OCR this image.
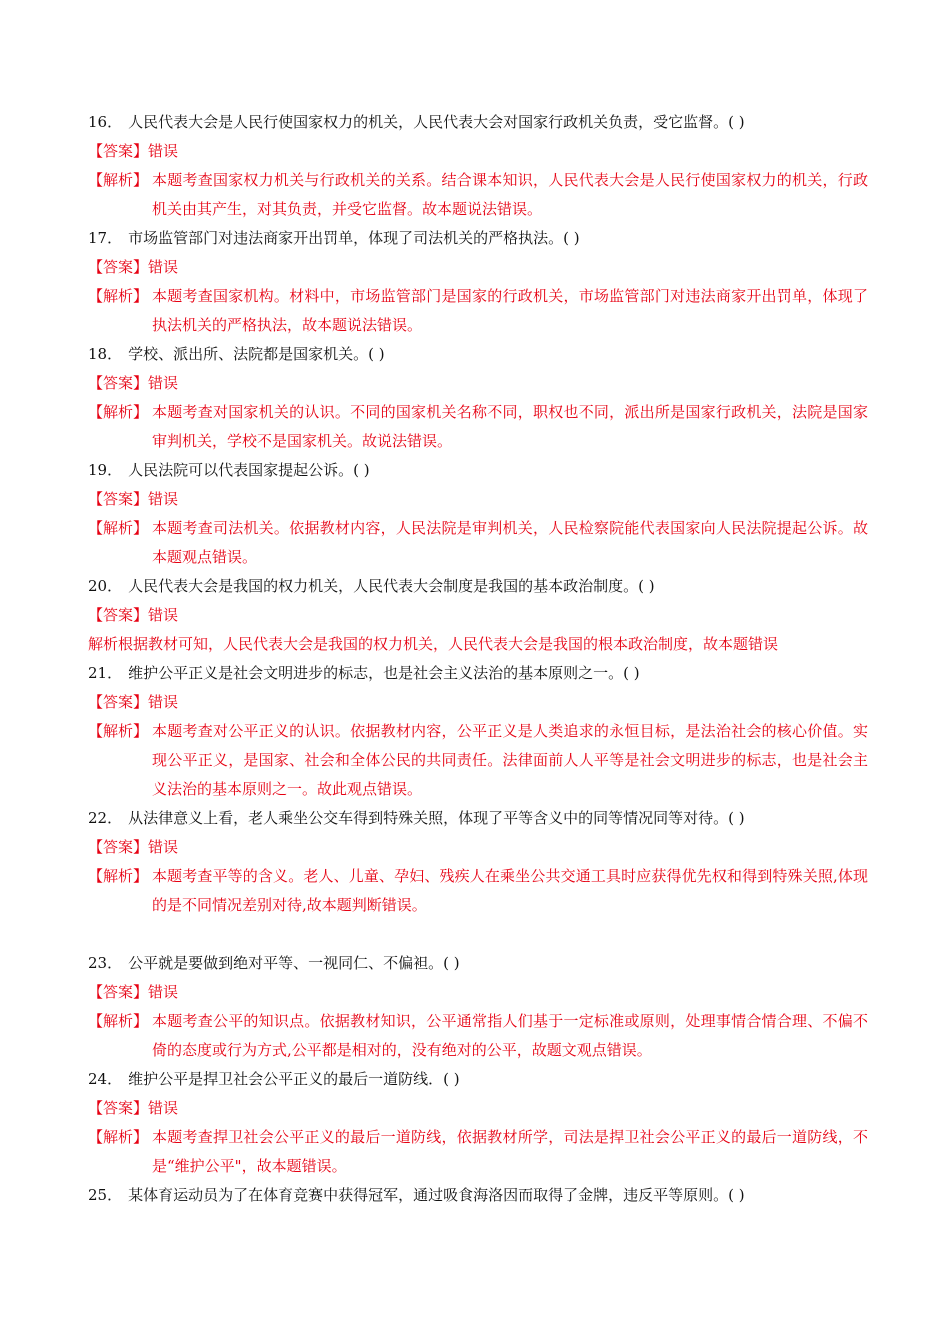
16． 人民代表大会是人民行使国家权力的机关，人民代表大会对国家行政机关负责，受它监督。( )
【答案】错误
【解析】 本题考查国家权力机关与行政机关的关系。结合课本知识，人民代表大会是人民行使国家权力的机关，行政机关由其产生，对其负责，并受它监督。故本题说法错误。
17． 市场监管部门对违法商家开出罚单，体现了司法机关的严格执法。( )
【答案】错误
【解析】 本题考查国家机构。材料中，市场监管部门是国家的行政机关，市场监管部门对违法商家开出罚单，体现了执法机关的严格执法，故本题说法错误。
18． 学校、派出所、法院都是国家机关。( )
【答案】错误
【解析】 本题考查对国家机关的认识。不同的国家机关名称不同，职权也不同，派出所是国家行政机关，法院是国家审判机关，学校不是国家机关。故说法错误。
19． 人民法院可以代表国家提起公诉。( )
【答案】错误
【解析】 本题考查司法机关。依据教材内容，人民法院是审判机关，人民检察院能代表国家向人民法院提起公诉。故本题观点错误。
20． 人民代表大会是我国的权力机关，人民代表大会制度是我国的基本政治制度。( )
【答案】错误
解析根据教材可知，人民代表大会是我国的权力机关，人民代表大会是我国的根本政治制度，故本题错误
21． 维护公平正义是社会文明进步的标志，也是社会主义法治的基本原则之一。( )
【答案】错误
【解析】 本题考查对公平正义的认识。依据教材内容，公平正义是人类追求的永恒目标，是法治社会的核心价值。实现公平正义，是国家、社会和全体公民的共同责任。法律面前人人平等是社会文明进步的标志，也是社会主义法治的基本原则之一。故此观点错误。
22． 从法律意义上看，老人乘坐公交车得到特殊关照，体现了平等含义中的同等情况同等对待。( )
【答案】错误
【解析】 本题考查平等的含义。老人、儿童、孕妇、残疾人在乘坐公共交通工具时应获得优先权和得到特殊关照,体现的是不同情况差别对待,故本题判断错误。
23． 公平就是要做到绝对平等、一视同仁、不偏袒。( )
【答案】错误
【解析】 本题考查公平的知识点。依据教材知识，公平通常指人们基于一定标准或原则，处理事情合情合理、不偏不倚的态度或行为方式,公平都是相对的，没有绝对的公平，故题文观点错误。
24． 维护公平是捍卫社会公平正义的最后一道防线．( )
【答案】错误
【解析】 本题考查捍卫社会公平正义的最后一道防线，依据教材所学，司法是捍卫社会公平正义的最后一道防线，不是“维护公平"，故本题错误。
25． 某体育运动员为了在体育竞赛中获得冠军，通过吸食海洛因而取得了金牌，违反平等原则。( )
